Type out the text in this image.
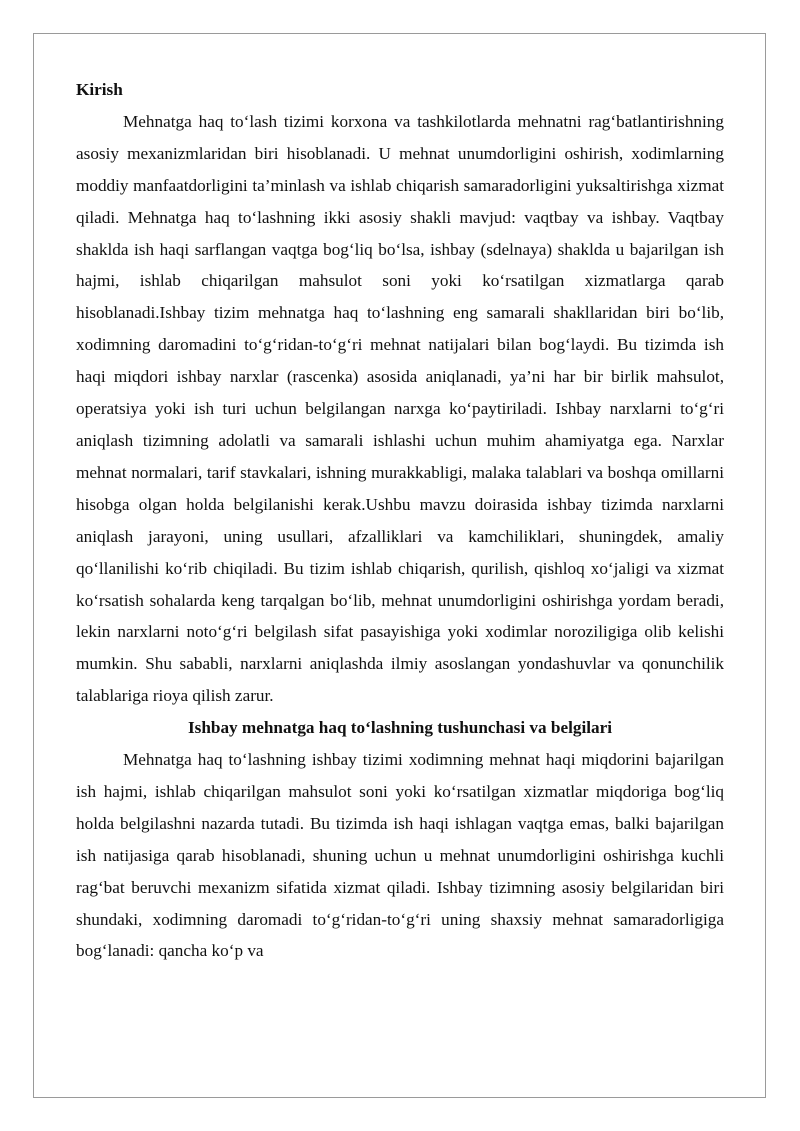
Kirish

Mehnatga haq to‘lash tizimi korxona va tashkilotlarda mehnatni rag‘batlantirishning asosiy mexanizmlaridan biri hisoblanadi. U mehnat unumdorligini oshirish, xodimlarning moddiy manfaatdorligini ta’minlash va ishlab chiqarish samaradorligini yuksaltirishga xizmat qiladi. Mehnatga haq to‘lashning ikki asosiy shakli mavjud: vaqtbay va ishbay. Vaqtbay shaklda ish haqi sarflangan vaqtga bog‘liq bo‘lsa, ishbay (sdelnaya) shaklda u bajarilgan ish hajmi, ishlab chiqarilgan mahsulot soni yoki ko‘rsatilgan xizmatlarga qarab hisoblanadi.Ishbay tizim mehnatga haq to‘lashning eng samarali shakllaridan biri bo‘lib, xodimning daromadini to‘g‘ridan-to‘g‘ri mehnat natijalari bilan bog‘laydi. Bu tizimda ish haqi miqdori ishbay narxlar (rascenka) asosida aniqlanadi, ya’ni har bir birlik mahsulot, operatsiya yoki ish turi uchun belgilangan narxga ko‘paytiriladi. Ishbay narxlarni to‘g‘ri aniqlash tizimning adolatli va samarali ishlashi uchun muhim ahamiyatga ega. Narxlar mehnat normalari, tarif stavkalari, ishning murakkabligi, malaka talablari va boshqa omillarni hisobga olgan holda belgilanishi kerak.Ushbu mavzu doirasida ishbay tizimda narxlarni aniqlash jarayoni, uning usullari, afzalliklari va kamchiliklari, shuningdek, amaliy qo‘llanilishi ko‘rib chiqiladi. Bu tizim ishlab chiqarish, qurilish, qishloq xo‘jaligi va xizmat ko‘rsatish sohalarda keng tarqalgan bo‘lib, mehnat unumdorligini oshirishga yordam beradi, lekin narxlarni noto‘g‘ri belgilash sifat pasayishiga yoki xodimlar noroziligiga olib kelishi mumkin. Shu sababli, narxlarni aniqlashda ilmiy asoslangan yondashuvlar va qonunchilik talablariga rioya qilish zarur.

Ishbay mehnatga haq to‘lashning tushunchasi va belgilari

Mehnatga haq to‘lashning ishbay tizimi xodimning mehnat haqi miqdorini bajarilgan ish hajmi, ishlab chiqarilgan mahsulot soni yoki ko‘rsatilgan xizmatlar miqdoriga bog‘liq holda belgilashni nazarda tutadi. Bu tizimda ish haqi ishlagan vaqtga emas, balki bajarilgan ish natijasiga qarab hisoblanadi, shuning uchun u mehnat unumdorligini oshirishga kuchli rag‘bat beruvchi mexanizm sifatida xizmat qiladi. Ishbay tizimning asosiy belgilaridan biri shundaki, xodimning daromadi to‘g‘ridan-to‘g‘ri uning shaxsiy mehnat samaradorligiga bog‘lanadi: qancha ko‘p va
